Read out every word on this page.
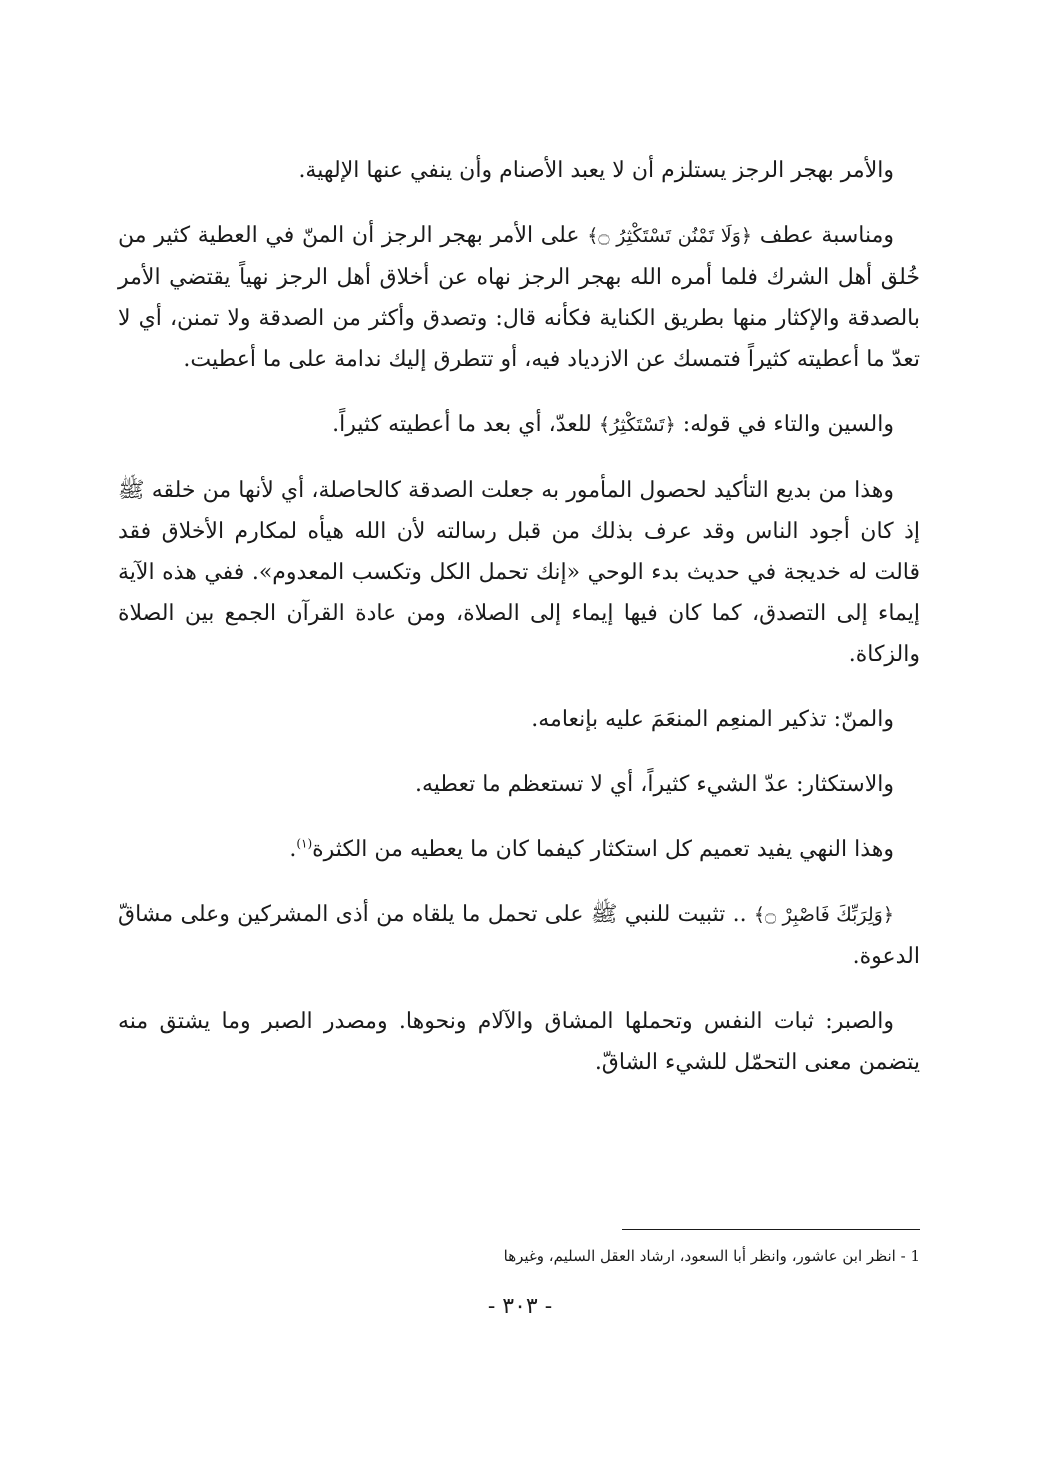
والأمر بهجر الرجز يستلزم أن لا يعبد الأصنام وأن ينفي عنها الإلهية.

ومناسبة عطف ﴿وَلَا تَمْنُن تَسْتَكْثِرُ ۝﴾ على الأمر بهجر الرجز أن المنّ في العطية كثير من خُلق أهل الشرك فلما أمره الله بهجر الرجز نهاه عن أخلاق أهل الرجز نهياً يقتضي الأمر بالصدقة والإكثار منها بطريق الكناية فكأنه قال: وتصدق وأكثر من الصدقة ولا تمنن، أي لا تعدّ ما أعطيته كثيراً فتمسك عن الازدياد فيه، أو تتطرق إليك ندامة على ما أعطيت.

والسين والتاء في قوله: ﴿تَسْتَكْثِرُ﴾ للعدّ، أي بعد ما أعطيته كثيراً.

وهذا من بديع التأكيد لحصول المأمور به جعلت الصدقة كالحاصلة، أي لأنها من خلقه ﷺ إذ كان أجود الناس وقد عرف بذلك من قبل رسالته لأن الله هيأه لمكارم الأخلاق فقد قالت له خديجة في حديث بدء الوحي «إنك تحمل الكل وتكسب المعدوم». ففي هذه الآية إيماء إلى التصدق، كما كان فيها إيماء إلى الصلاة، ومن عادة القرآن الجمع بين الصلاة والزكاة.

والمنّ: تذكير المنعِم المنعَمَ عليه بإنعامه.

والاستكثار: عدّ الشيء كثيراً، أي لا تستعظم ما تعطيه.

وهذا النهي يفيد تعميم كل استكثار كيفما كان ما يعطيه من الكثرة$^{(١)}$.

﴿وَلِرَبِّكَ فَاصْبِرْ ۝﴾ .. تثبيت للنبي ﷺ على تحمل ما يلقاه من أذى المشركين وعلى مشاقّ الدعوة.

والصبر: ثبات النفس وتحملها المشاق والآلام ونحوها. ومصدر الصبر وما يشتق منه يتضمن معنى التحمّل للشيء الشاقّ.

1 - انظر ابن عاشور، وانظر أبا السعود، ارشاد العقل السليم، وغيرها
- ٣٠٣ -
